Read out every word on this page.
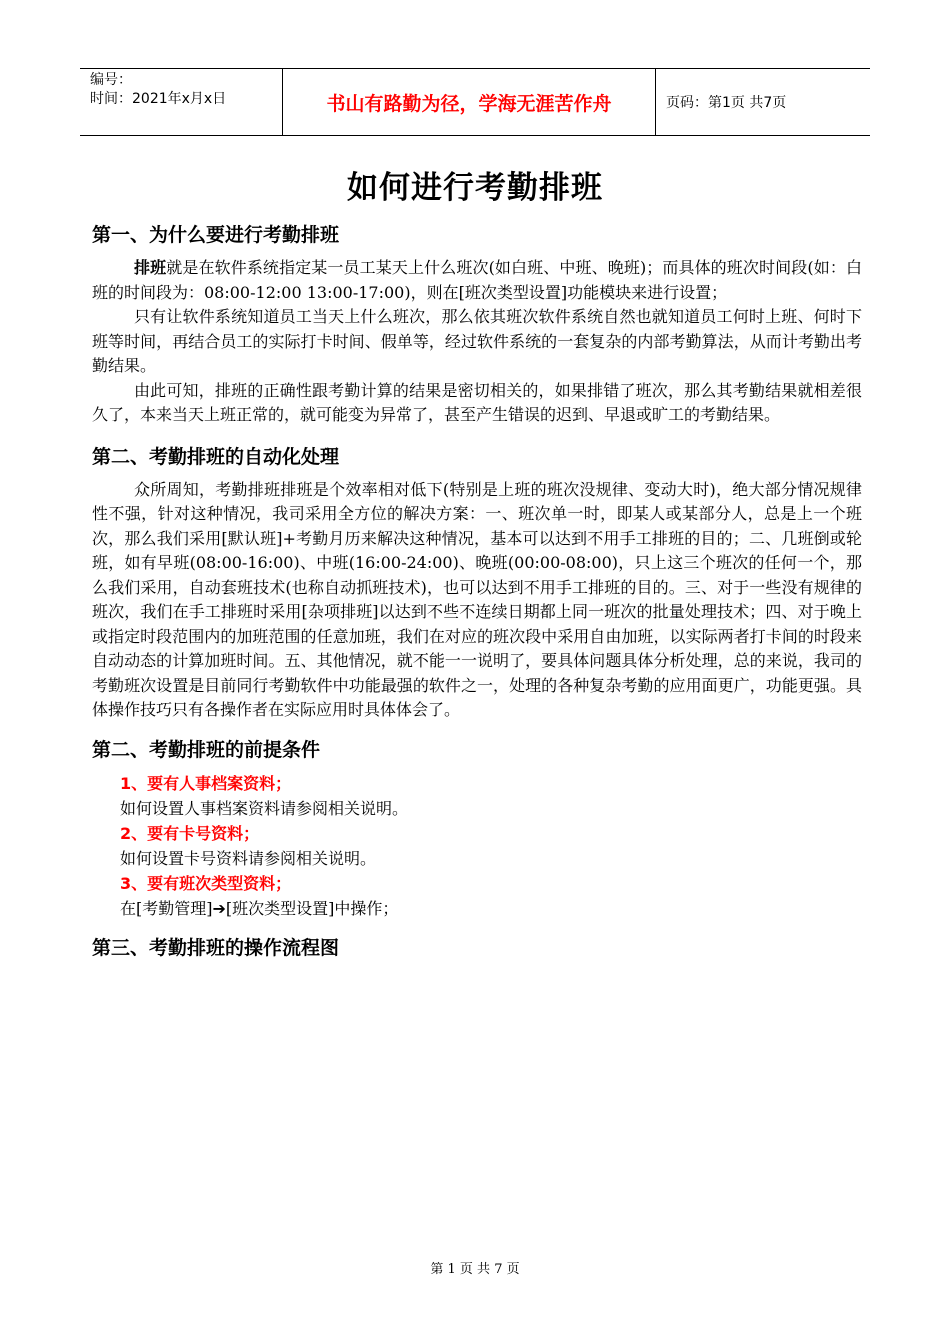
编号：
时间：2021年x月x日	书山有路勤为径，学海无涯苦作舟	页码：第1页 共7页
如何进行考勤排班
第一、为什么要进行考勤排班

排班就是在软件系统指定某一员工某天上什么班次(如白班、中班、晚班)；而具体的班次时间段(如：白班的时间段为：08:00-12:00 13:00-17:00)，则在[班次类型设置]功能模块来进行设置；

只有让软件系统知道员工当天上什么班次，那么依其班次软件系统自然也就知道员工何时上班、何时下班等时间，再结合员工的实际打卡时间、假单等，经过软件系统的一套复杂的内部考勤算法，从而计考勤出考勤结果。

由此可知，排班的正确性跟考勤计算的结果是密切相关的，如果排错了班次，那么其考勤结果就相差很久了，本来当天上班正常的，就可能变为异常了，甚至产生错误的迟到、早退或旷工的考勤结果。

第二、考勤排班的自动化处理

众所周知，考勤排班排班是个效率相对低下(特别是上班的班次没规律、变动大时)，绝大部分情况规律性不强，针对这种情况，我司采用全方位的解决方案：一、班次单一时，即某人或某部分人，总是上一个班次，那么我们采用[默认班]+考勤月历来解决这种情况，基本可以达到不用手工排班的目的；二、几班倒或轮班，如有早班(08:00-16:00)、中班(16:00-24:00)、晚班(00:00-08:00)，只上这三个班次的任何一个，那么我们采用，自动套班技术(也称自动抓班技术)，也可以达到不用手工排班的目的。三、对于一些没有规律的班次，我们在手工排班时采用[杂项排班]以达到不些不连续日期都上同一班次的批量处理技术；四、对于晚上或指定时段范围内的加班范围的任意加班，我们在对应的班次段中采用自由加班，以实际两者打卡间的时段来自动动态的计算加班时间。五、其他情况，就不能一一说明了，要具体问题具体分析处理，总的来说，我司的考勤班次设置是目前同行考勤软件中功能最强的软件之一，处理的各种复杂考勤的应用面更广，功能更强。具体操作技巧只有各操作者在实际应用时具体体会了。

第二、考勤排班的前提条件

1、要有人事档案资料；

如何设置人事档案资料请参阅相关说明。

2、要有卡号资料；

如何设置卡号资料请参阅相关说明。

3、要有班次类型资料；

在[考勤管理]➔[班次类型设置]中操作；

第三、考勤排班的操作流程图
第 1 页 共 7 页
